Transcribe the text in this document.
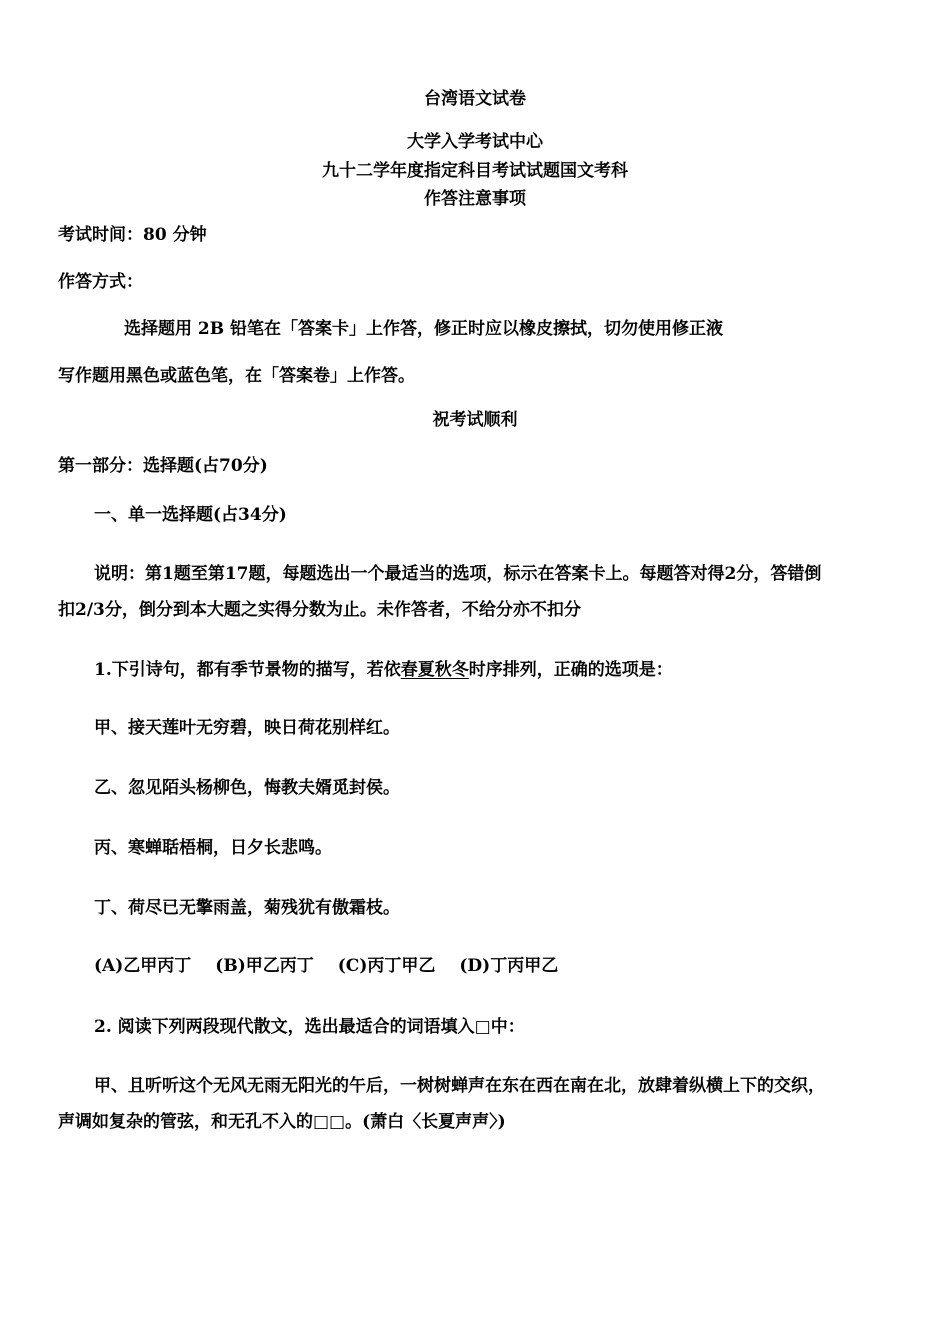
台湾语文试卷
大学入学考试中心
九十二学年度指定科目考试试题国文考科
作答注意事项
考试时间：80 分钟
作答方式：
选择题用 2B 铅笔在「答案卡」上作答，修正时应以橡皮擦拭，切勿使用修正液
写作题用黑色或蓝色笔，在「答案卷」上作答。
祝考试顺利
第一部分：选择题(占70分)
一、单一选择题(占34分)
说明：第1题至第17题，每题选出一个最适当的选项，标示在答案卡上。每题答对得2分，答错倒
扣2/3分，倒分到本大题之实得分数为止。未作答者，不给分亦不扣分
1.下引诗句，都有季节景物的描写，若依春夏秋冬时序排列，正确的选项是：
甲、接天莲叶无穷碧，映日荷花别样红。
乙、忽见陌头杨柳色，悔教夫婿觅封侯。
丙、寒蝉聒梧桐，日夕长悲鸣。
丁、荷尽已无擎雨盖，菊残犹有傲霜枝。
(A)乙甲丙丁 (B)甲乙丙丁 (C)丙丁甲乙 (D)丁丙甲乙
2. 阅读下列两段现代散文，选出最适合的词语填入□中：
甲、且听听这个无风无雨无阳光的午后，一树树蝉声在东在西在南在北，放肆着纵横上下的交织，
声调如复杂的管弦，和无孔不入的□□。(萧白〈长夏声声〉)
